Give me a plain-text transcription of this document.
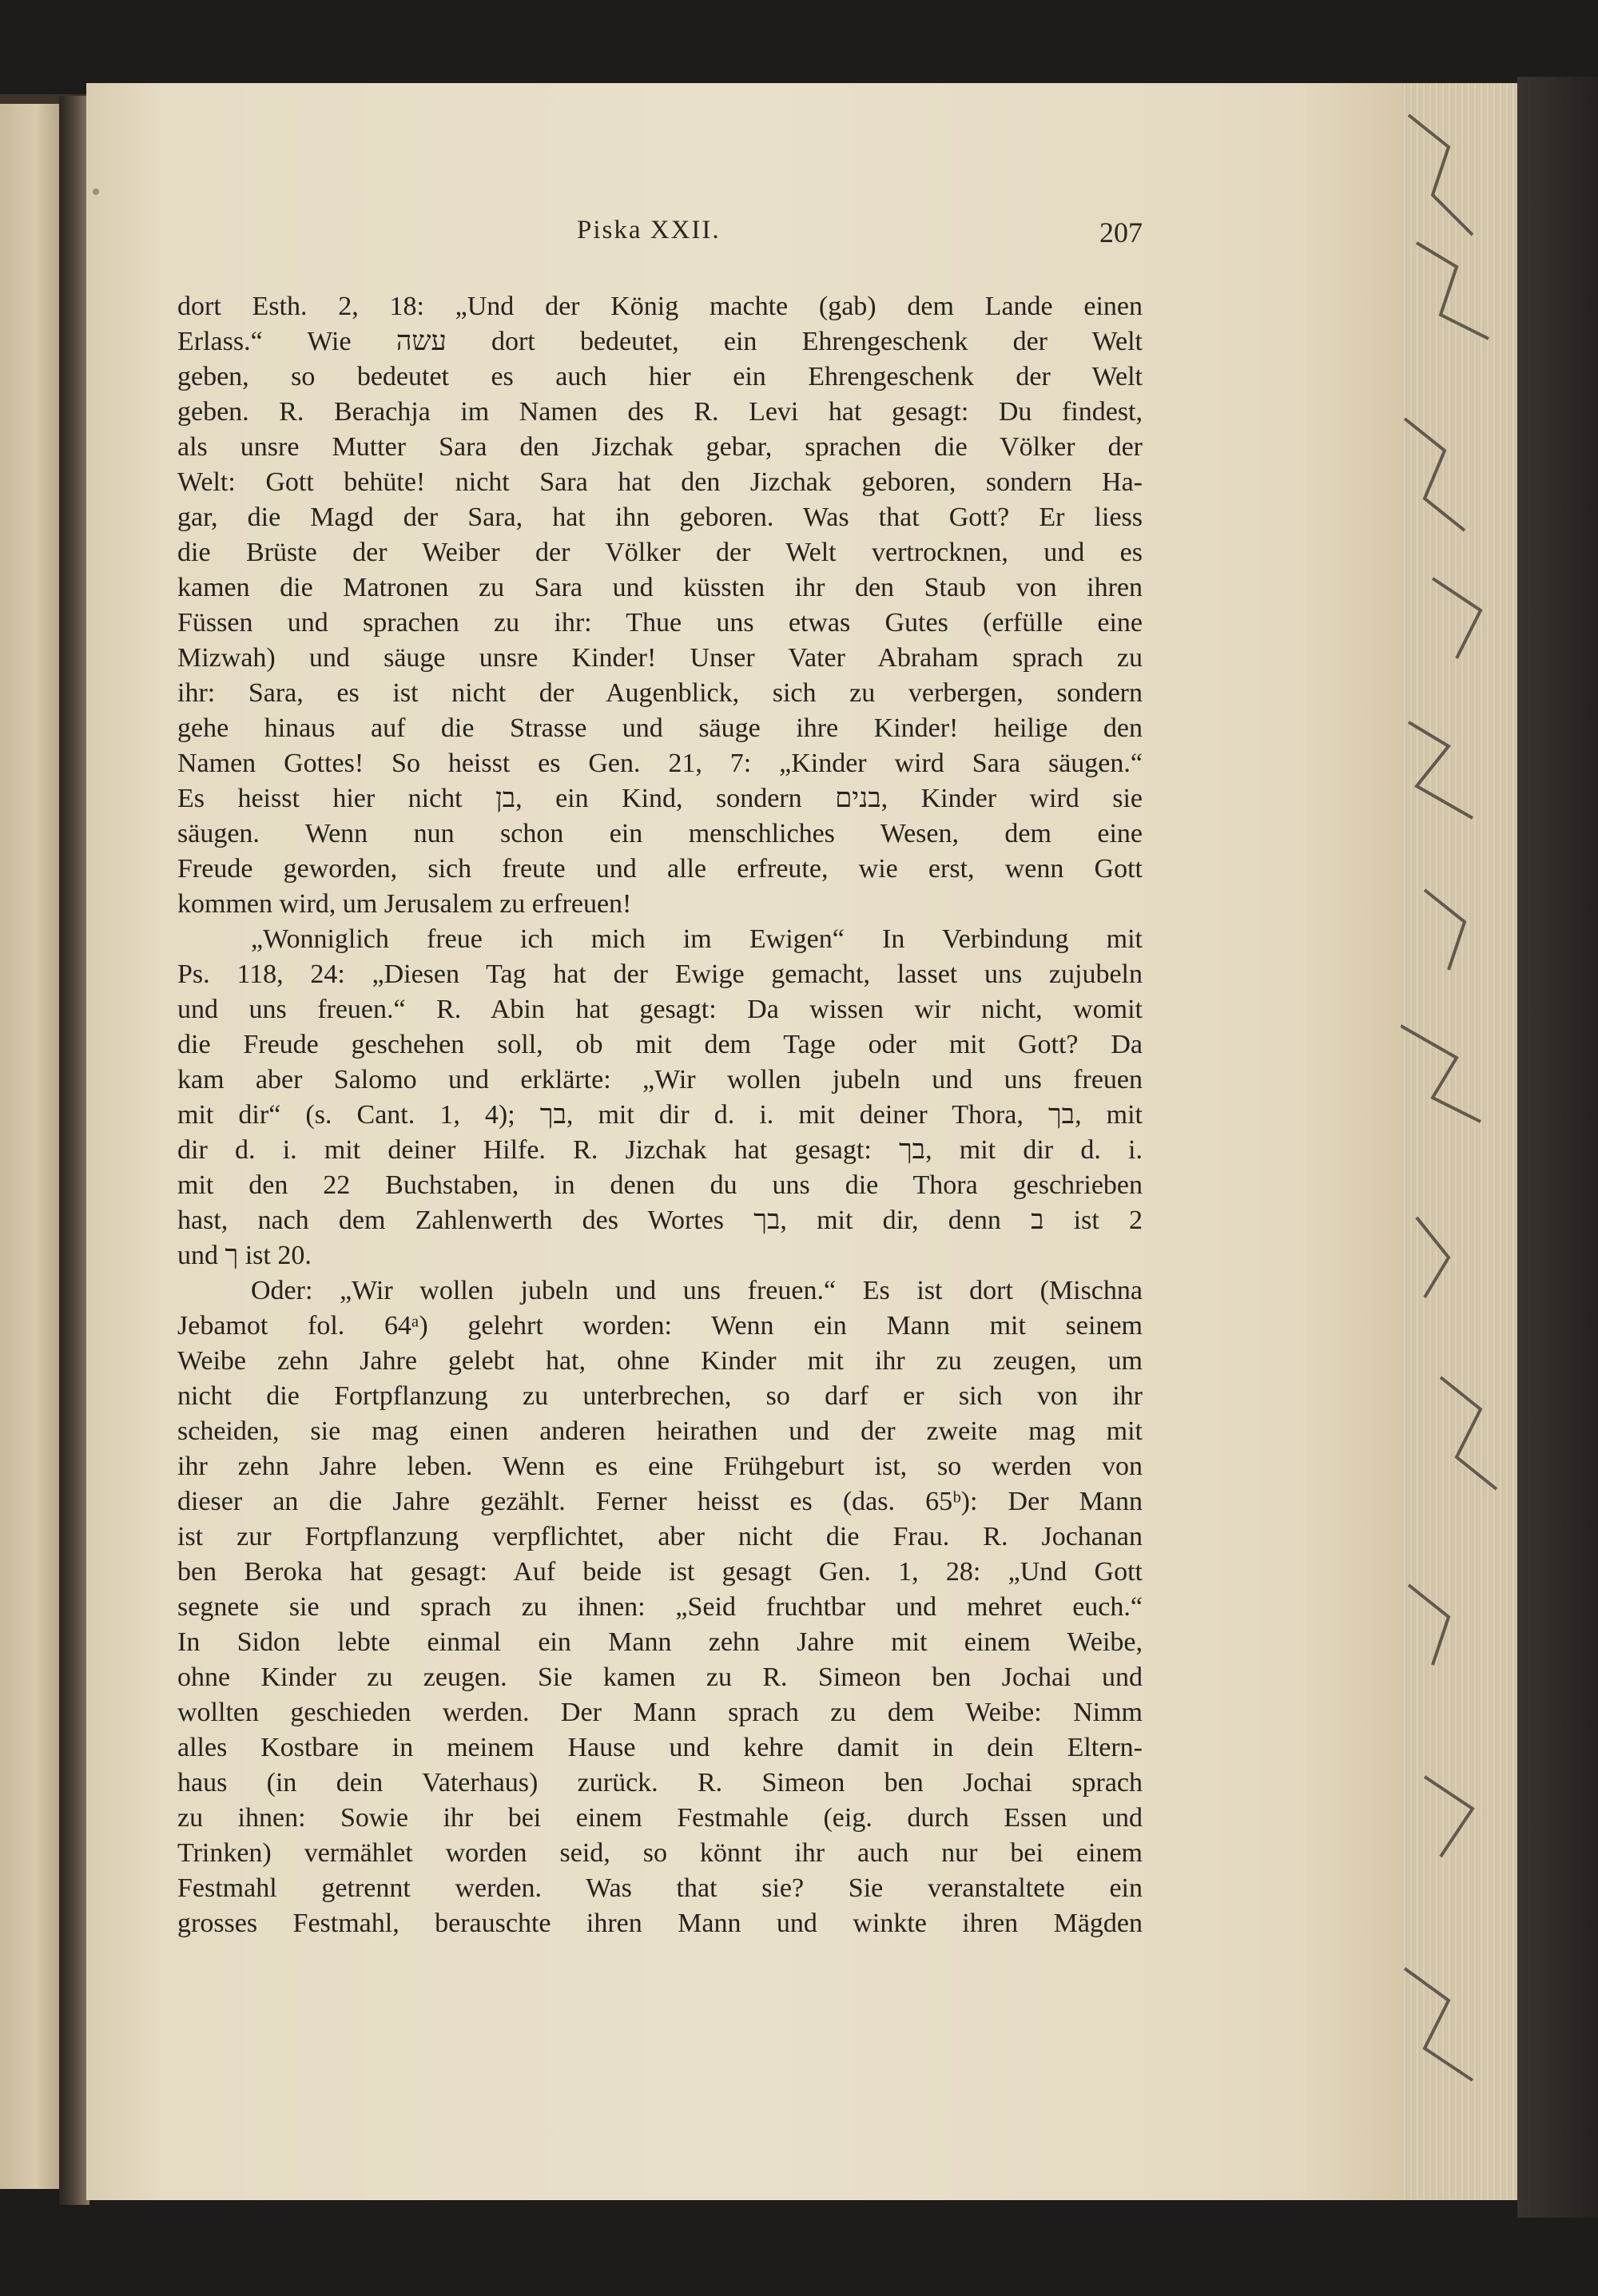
Piska XXII.	207
dort Esth. 2, 18: „Und der König machte (gab) dem Lande einen
Erlass.“ Wie עשה dort bedeutet, ein Ehrengeschenk der Welt
geben, so bedeutet es auch hier ein Ehrengeschenk der Welt
geben. R. Berachja im Namen des R. Levi hat gesagt: Du findest,
als unsre Mutter Sara den Jizchak gebar, sprachen die Völker der
Welt: Gott behüte! nicht Sara hat den Jizchak geboren, sondern Ha-
gar, die Magd der Sara, hat ihn geboren. Was that Gott? Er liess
die Brüste der Weiber der Völker der Welt vertrocknen, und es
kamen die Matronen zu Sara und küssten ihr den Staub von ihren
Füssen und sprachen zu ihr: Thue uns etwas Gutes (erfülle eine
Mizwah) und säuge unsre Kinder! Unser Vater Abraham sprach zu
ihr: Sara, es ist nicht der Augenblick, sich zu verbergen, sondern
gehe hinaus auf die Strasse und säuge ihre Kinder! heilige den
Namen Gottes! So heisst es Gen. 21, 7: „Kinder wird Sara säugen.“
Es heisst hier nicht בן, ein Kind, sondern בנים, Kinder wird sie
säugen. Wenn nun schon ein menschliches Wesen, dem eine
Freude geworden, sich freute und alle erfreute, wie erst, wenn Gott
kommen wird, um Jerusalem zu erfreuen!
„Wonniglich freue ich mich im Ewigen“ In Verbindung mit
Ps. 118, 24: „Diesen Tag hat der Ewige gemacht, lasset uns zujubeln
und uns freuen.“ R. Abin hat gesagt: Da wissen wir nicht, womit
die Freude geschehen soll, ob mit dem Tage oder mit Gott? Da
kam aber Salomo und erklärte: „Wir wollen jubeln und uns freuen
mit dir“ (s. Cant. 1, 4); בך, mit dir d. i. mit deiner Thora, בך, mit
dir d. i. mit deiner Hilfe. R. Jizchak hat gesagt: בך, mit dir d. i.
mit den 22 Buchstaben, in denen du uns die Thora geschrieben
hast, nach dem Zahlenwerth des Wortes בך, mit dir, denn ב ist 2
und ך ist 20.
Oder: „Wir wollen jubeln und uns freuen.“ Es ist dort (Mischna
Jebamot fol. 64ᵃ) gelehrt worden: Wenn ein Mann mit seinem
Weibe zehn Jahre gelebt hat, ohne Kinder mit ihr zu zeugen, um
nicht die Fortpflanzung zu unterbrechen, so darf er sich von ihr
scheiden, sie mag einen anderen heirathen und der zweite mag mit
ihr zehn Jahre leben. Wenn es eine Frühgeburt ist, so werden von
dieser an die Jahre gezählt. Ferner heisst es (das. 65ᵇ): Der Mann
ist zur Fortpflanzung verpflichtet, aber nicht die Frau. R. Jochanan
ben Beroka hat gesagt: Auf beide ist gesagt Gen. 1, 28: „Und Gott
segnete sie und sprach zu ihnen: „Seid fruchtbar und mehret euch.“
In Sidon lebte einmal ein Mann zehn Jahre mit einem Weibe,
ohne Kinder zu zeugen. Sie kamen zu R. Simeon ben Jochai und
wollten geschieden werden. Der Mann sprach zu dem Weibe: Nimm
alles Kostbare in meinem Hause und kehre damit in dein Eltern-
haus (in dein Vaterhaus) zurück. R. Simeon ben Jochai sprach
zu ihnen: Sowie ihr bei einem Festmahle (eig. durch Essen und
Trinken) vermählet worden seid, so könnt ihr auch nur bei einem
Festmahl getrennt werden. Was that sie? Sie veranstaltete ein
grosses Festmahl, berauschte ihren Mann und winkte ihren Mägden
